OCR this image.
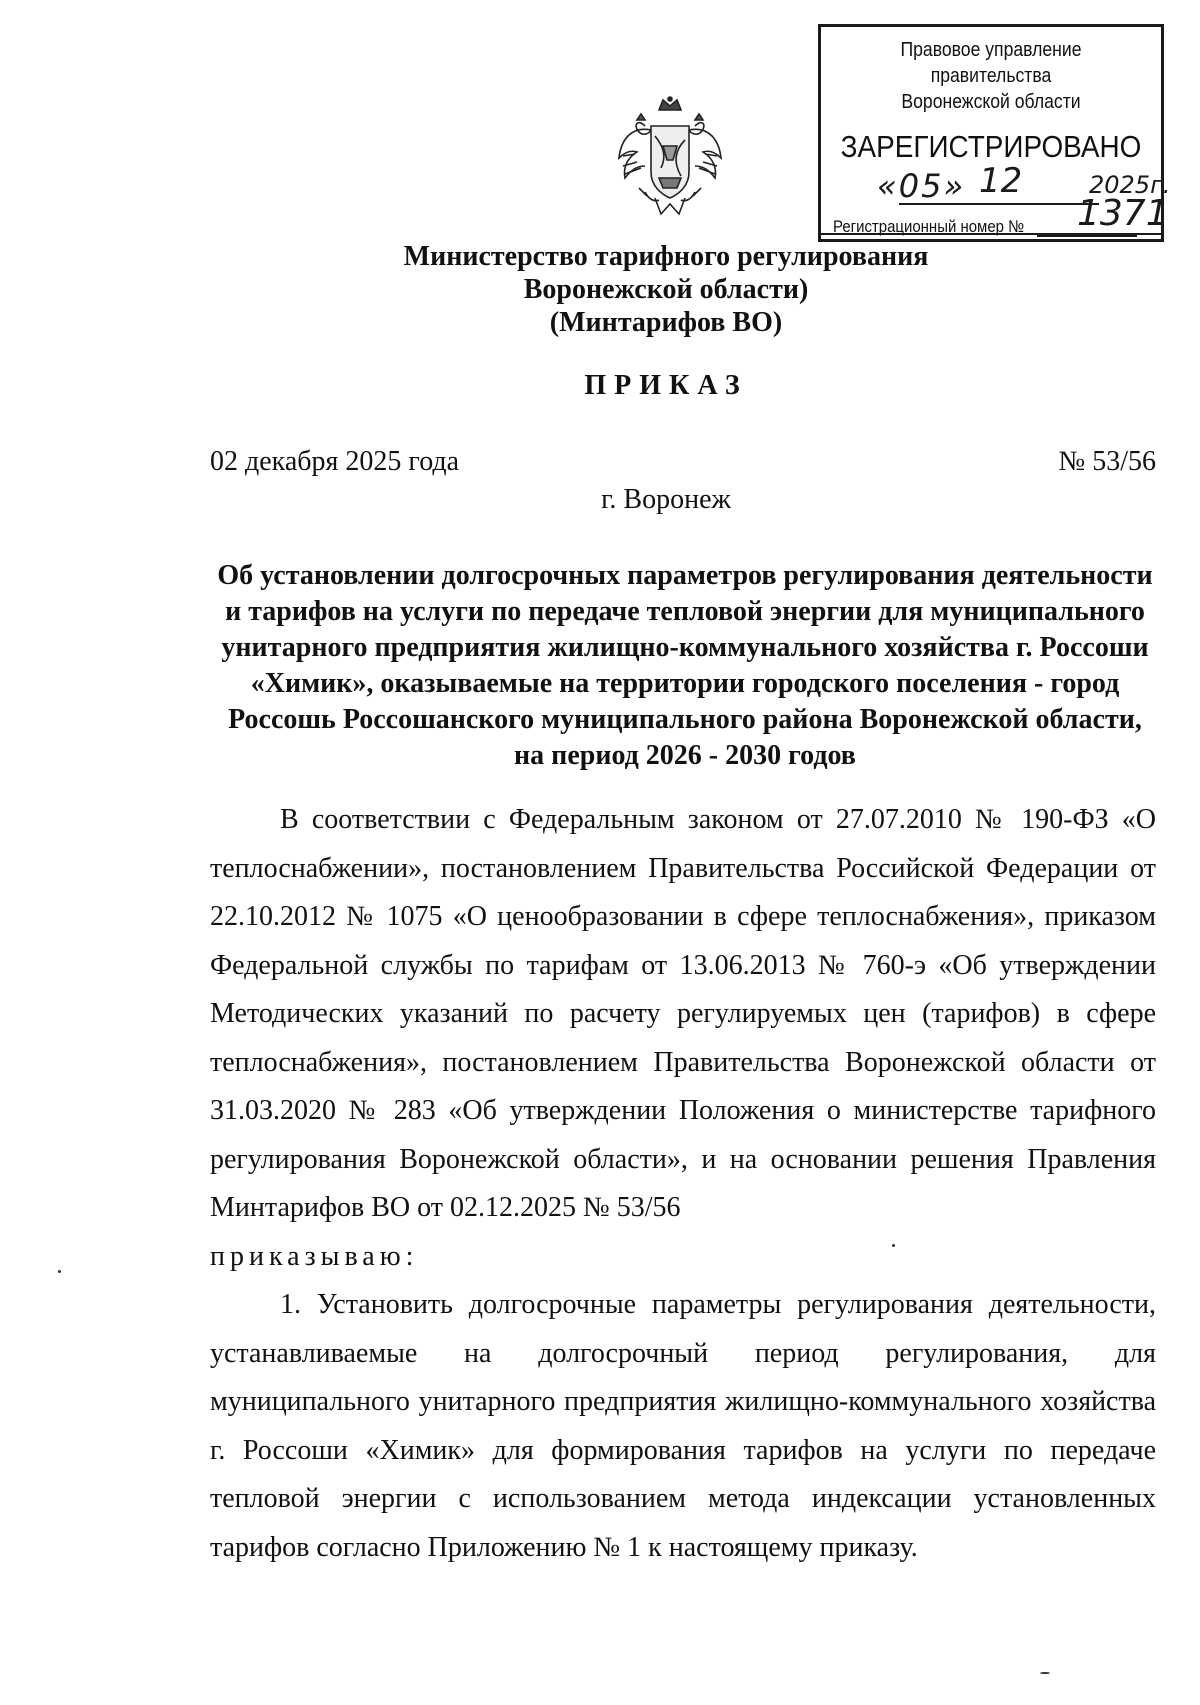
Правовое управление правительства
Воронежской области
ЗАРЕГИСТРИРОВАНО
«05» 12	2025г.
Регистрационный номер № 1371
Министерство тарифного регулирования
Воронежской области)
(Минтарифов ВО)
ПРИКАЗ
02 декабря 2025 года	№ 53/56
г. Воронеж
Об установлении долгосрочных параметров регулирования деятельности и тарифов на услуги по передаче тепловой энергии для муниципального унитарного предприятия жилищно-коммунального хозяйства г. Россоши «Химик», оказываемые на территории городского поселения - город Россошь Россошанского муниципального района Воронежской области, на период 2026 - 2030 годов

В соответствии с Федеральным законом от 27.07.2010 № 190-ФЗ «О теплоснабжении», постановлением Правительства Российской Федерации от 22.10.2012 № 1075 «О ценообразовании в сфере теплоснабжения», приказом Федеральной службы по тарифам от 13.06.2013 № 760-э «Об утверждении Методических указаний по расчету регулируемых цен (тарифов) в сфере теплоснабжения», постановлением Правительства Воронежской области от 31.03.2020 № 283 «Об утверждении Положения о министерстве тарифного регулирования Воронежской области», и на основании решения Правления Минтарифов ВО от 02.12.2025 № 53/56

приказываю:

1. Установить долгосрочные параметры регулирования деятельности, устанавливаемые на долгосрочный период регулирования, для муниципального унитарного предприятия жилищно-коммунального хозяйства г. Россоши «Химик» для формирования тарифов на услуги по передаче тепловой энергии с использованием метода индексации установленных тарифов согласно Приложению № 1 к настоящему приказу.
